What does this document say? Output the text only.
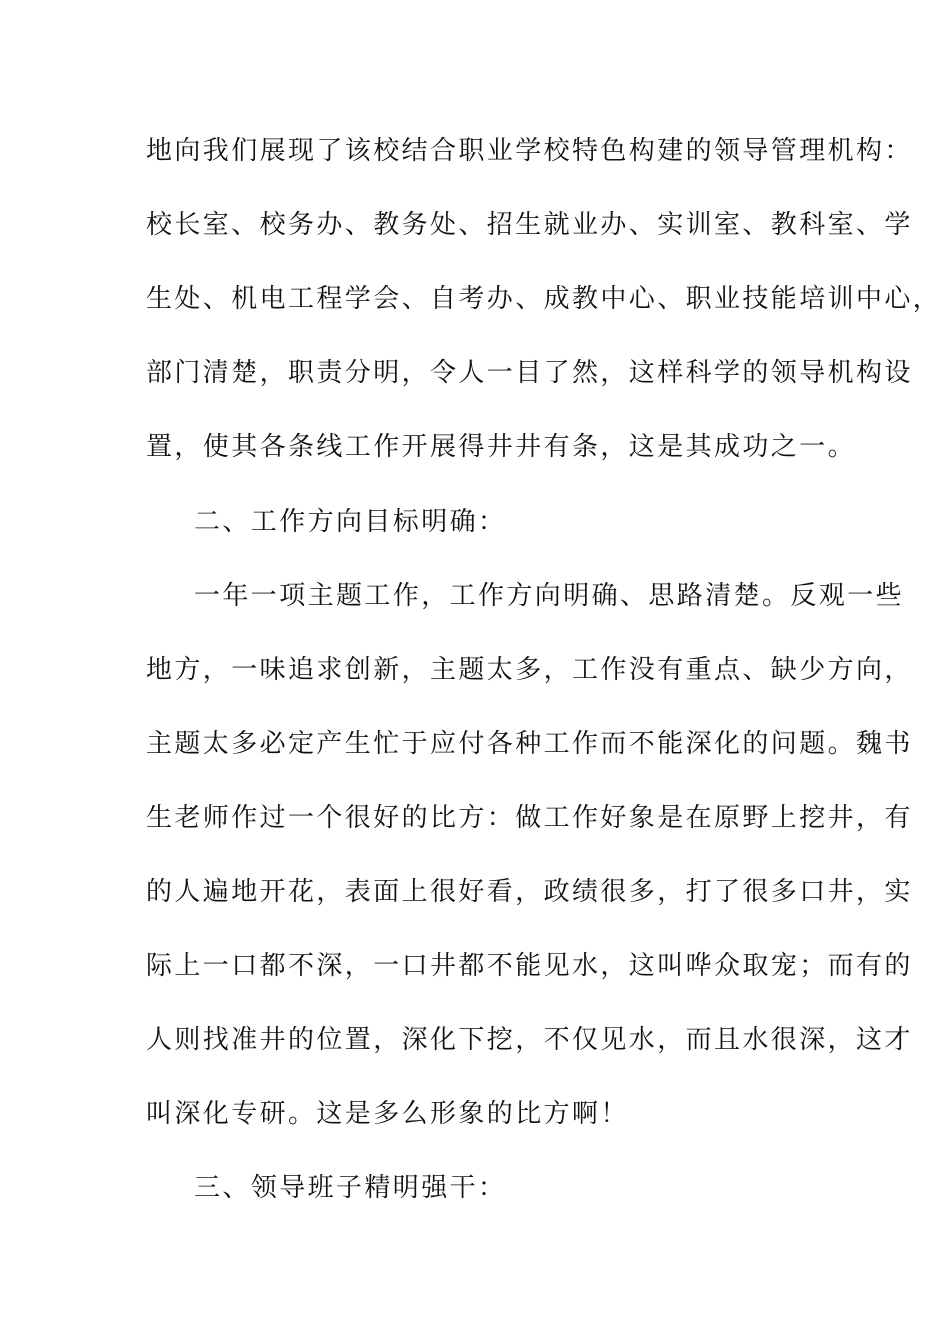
地向我们展现了该校结合职业学校特色构建的领导管理机构：
校长室、校务办、教务处、招生就业办、实训室、教科室、学
生处、机电工程学会、自考办、成教中心、职业技能培训中心，
部门清楚，职责分明，令人一目了然，这样科学的领导机构设
置，使其各条线工作开展得井井有条，这是其成功之一。
二、工作方向目标明确：
一年一项主题工作，工作方向明确、思路清楚。反观一些
地方，一味追求创新，主题太多，工作没有重点、缺少方向，
主题太多必定产生忙于应付各种工作而不能深化的问题。魏书
生老师作过一个很好的比方：做工作好象是在原野上挖井，有
的人遍地开花，表面上很好看，政绩很多，打了很多口井，实
际上一口都不深，一口井都不能见水，这叫哗众取宠；而有的
人则找准井的位置，深化下挖，不仅见水，而且水很深，这才
叫深化专研。这是多么形象的比方啊！
三、领导班子精明强干：
